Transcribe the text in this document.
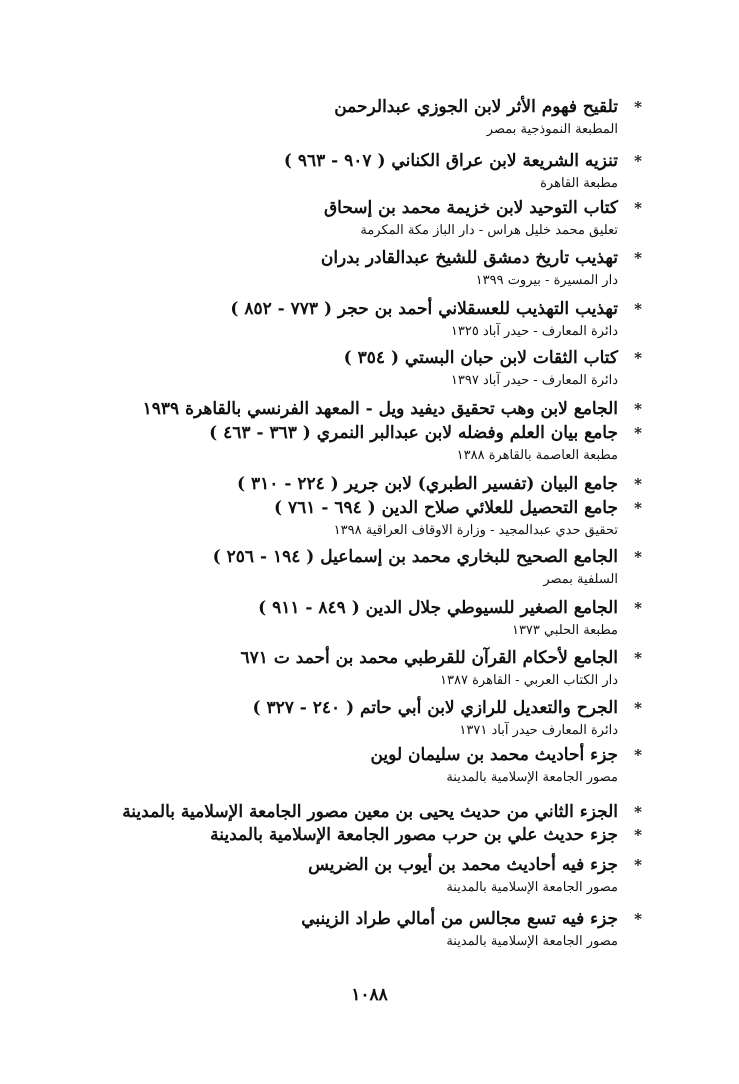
*
تلقيح فهوم الأثر لابن الجوزي عبدالرحمن
المطبعة النموذجية بمصر
*
تنزيه الشريعة لابن عراق الكناني ( ٩٠٧ - ٩٦٣ )
مطبعة القاهرة
*
كتاب التوحيد لابن خزيمة محمد بن إسحاق
تعليق محمد خليل هراس - دار الباز مكة المكرمة
*
تهذيب تاريخ دمشق للشيخ عبدالقادر بدران
دار المسيرة - بيروت ١٣٩٩
*
تهذيب التهذيب للعسقلاني أحمد بن حجر ( ٧٧٣ - ٨٥٢ )
دائرة المعارف - حيدر آباد ١٣٢٥
*
كتاب الثقات لابن حبان البستي ( ٣٥٤ )
دائرة المعارف - حيدر آباد ١٣٩٧
*
الجامع لابن وهب تحقيق ديفيد ويل - المعهد الفرنسي بالقاهرة ١٩٣٩
*
جامع بيان العلم وفضله لابن عبدالبر النمري ( ٣٦٣ - ٤٦٣ )
مطبعة العاصمة بالقاهرة ١٣٨٨
*
جامع البيان (تفسير الطبري) لابن جرير ( ٢٢٤ - ٣١٠ )
*
جامع التحصيل للعلائي صلاح الدين ( ٦٩٤ - ٧٦١ )
تحقيق حدي عبدالمجيد - وزارة الاوقاف العراقية ١٣٩٨
*
الجامع الصحيح للبخاري محمد بن إسماعيل ( ١٩٤ - ٢٥٦ )
السلفية بمصر
*
الجامع الصغير للسيوطي جلال الدين ( ٨٤٩ - ٩١١ )
مطبعة الحلبي ١٣٧٣
*
الجامع لأحكام القرآن للقرطبي محمد بن أحمد ت ٦٧١
دار الكتاب العربي - القاهرة ١٣٨٧
*
الجرح والتعديل للرازي لابن أبي حاتم ( ٢٤٠ - ٣٢٧ )
دائرة المعارف حيدر آباد ١٣٧١
*
جزء أحاديث محمد بن سليمان لوين
مصور الجامعة الإسلامية بالمدينة
*
الجزء الثاني من حديث يحيى بن معين مصور الجامعة الإسلامية بالمدينة
*
جزء حديث علي بن حرب مصور الجامعة الإسلامية بالمدينة
*
جزء فيه أحاديث محمد بن أيوب بن الضريس
مصور الجامعة الإسلامية بالمدينة
*
جزء فيه تسع مجالس من أمالي طراد الزينبي
مصور الجامعة الإسلامية بالمدينة
١٠٨٨
